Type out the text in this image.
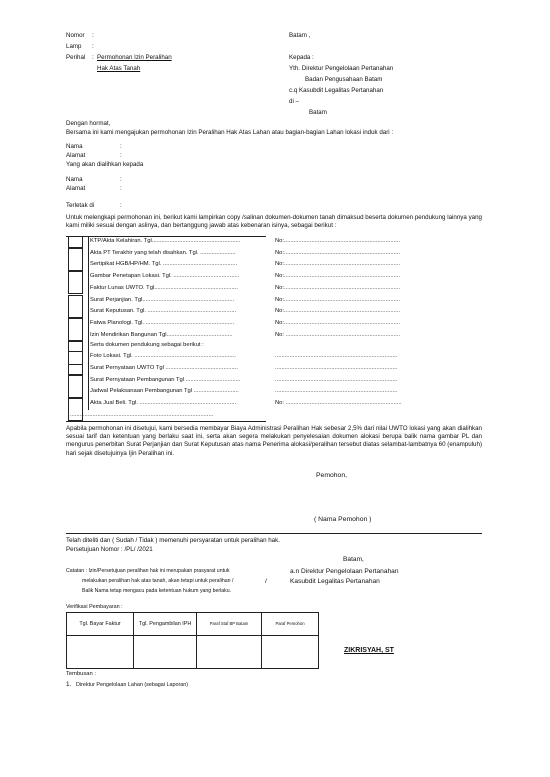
Nomor :
Lamp :
Perihal : Permohonan Izin Peralihan
Hak Atas Tanah
Batam ,
Kepada :
Yth. Direktur Pengelolaan Pertanahan
Badan Pengusahaan Batam
c.q Kasubdit Legalitas Pertanahan
di –
Batam
Dengan hormat,
Bersama ini kami mengajukan permohonan Izin Peralihan Hak Atas Lahan atau bagian-bagian Lahan lokasi induk dari :
Nama	:
Alamat	:
Yang akan dialihkan kepada
Nama	:
Alamat	:
Terletak di	:
Untuk melengkapi permohonan ini, berikut kami lampirkan copy /salinan dokumen-dokumen tanah dimaksud beserta dokumen pendukung lainnya yang kami miliki sesuai dengan aslinya, dan bertanggung jawab atas kebenaran isinya, sebagai berikut :
KTP/Akta Kelahiran. Tgl.......................................................	No:........................................................................
Akta PT Terakhir yang telah disahkan. Tgl. ......................	No:........................................................................
Sertipikat HGB/HP/HM. Tgl. ..............................................	No:........................................................................
Gambar Penetapan Lokasi. Tgl. .........................................	No:........................................................................
Faktur Lunas UWTO. Tgl....................................................	No:........................................................................
Surat Perjanjian. Tgl.........................................................	No:........................................................................
Surat Keputusan. Tgl. .......................................................	No:........................................................................
Fatwa Planologi. Tgl. .......................................................	No:........................................................................
Izin Mendirikan Bangunan Tgl.........................................	No: .......................................................................
Serta dokumen pendukung sebagai berikut :
Foto Lokasi. Tgl. ...............................................................	............................................................................
Surat Pernyataan UWTO Tgl .............................................	............................................................................
Surat Pernyataan Pembangunan Tgl ..................................	............................................................................
Jadwal Pelaksanaan Pembangunan Tgl ............................	............................................................................
Akta Jual Beli. Tgl. ............................................................	No: ........................................................................
.........................................................................................
Apabila permohonan ini disetujui, kami bersedia membayar Biaya Administrasi Peralihan Hak sebesar 2,5% dari nilai UWTO lokasi yang akan dialihkan sesuai tarif dan ketentuan yang berlaku saat ini, serta akan segera melakukan penyelesaian dokumen alokasi berupa balik nama gambar PL dan mengurus penerbitan Surat Perjanjian dan Surat Keputusan atas nama Penerima alokasi/peralihan tersebut diatas selambat-lambatnya 60 (enampuluh) hari sejak disetujuinya Ijin Peralihan ini.
Pemohon,
( Nama Pemohon )
Telah diteliti dan ( Sudah / Tidak ) memenuhi persyaratan untuk peralihan hak.
Persetujuan Nomor : /PL/ /2021
Batam,
Catatan : Izin/Persetujuan peralihan hak ini merupakan prasyarat untuk
melakukan peralihan hak atas tanah, akan tetapi untuk peralihan /
Balik Nama tetap mengacu pada ketentuan hukum yang berlaku.
a.n Direktur Pengelolaan Pertanahan
/	Kasubdit Legalitas Pertanahan
Verifikasi Pembayaran :
Tgl. Bayar Faktur	Tgl. Pengambilan IPH	Paraf Staf BP Batam	Paraf Pemohon

ZIKRISYAH, ST
Tembusan :
1. Direktur Pengelolaan Lahan (sebagai Laporan)
